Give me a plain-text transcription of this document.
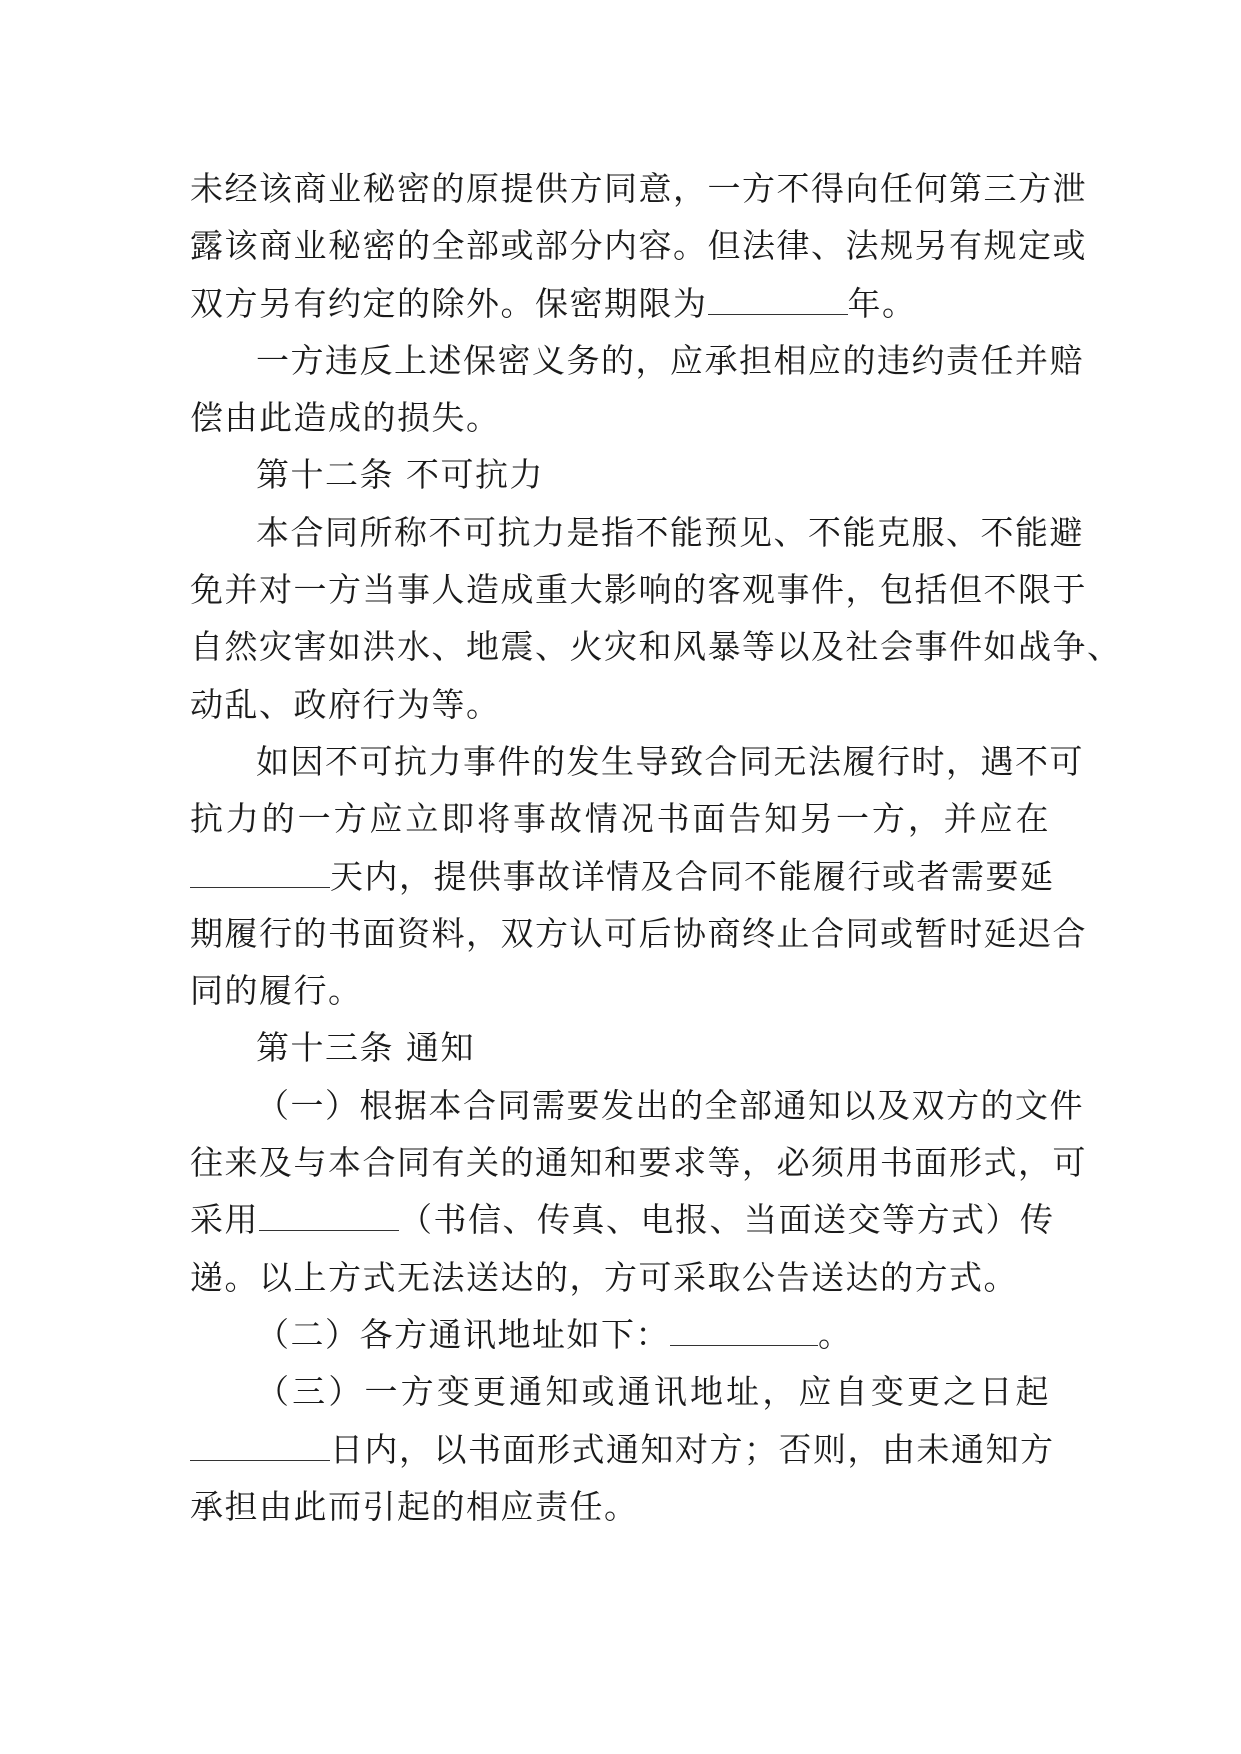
未经该商业秘密的原提供方同意，一方不得向任何第三方泄
露该商业秘密的全部或部分内容。但法律、法规另有规定或
双方另有约定的除外。保密期限为	年。
一方违反上述保密义务的，应承担相应的违约责任并赔
偿由此造成的损失。
第十二条 不可抗力
本合同所称不可抗力是指不能预见、不能克服、不能避
免并对一方当事人造成重大影响的客观事件，包括但不限于
自然灾害如洪水、地震、火灾和风暴等以及社会事件如战争、
动乱、政府行为等。
如因不可抗力事件的发生导致合同无法履行时，遇不可
抗力的一方应立即将事故情况书面告知另一方，并应在
天内，提供事故详情及合同不能履行或者需要延
期履行的书面资料，双方认可后协商终止合同或暂时延迟合
同的履行。
第十三条 通知
（一）根据本合同需要发出的全部通知以及双方的文件
往来及与本合同有关的通知和要求等，必须用书面形式，可
采用	（书信、传真、电报、当面送交等方式）传
递。以上方式无法送达的，方可采取公告送达的方式。
（二）各方通讯地址如下：	。
（三）一方变更通知或通讯地址，应自变更之日起
日内，以书面形式通知对方；否则，由未通知方
承担由此而引起的相应责任。
